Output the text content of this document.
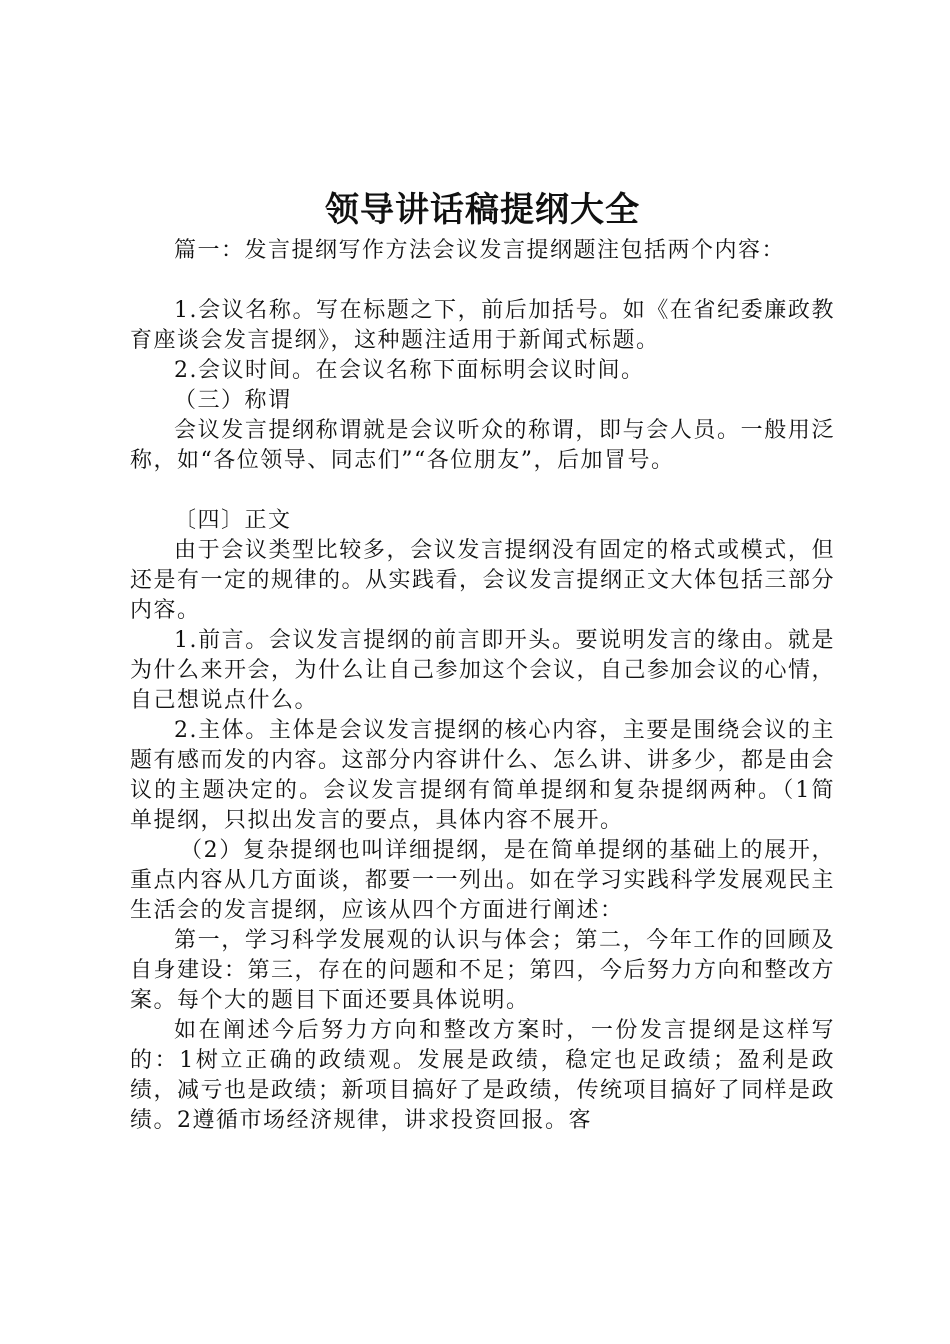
领导讲话稿提纲大全

篇一：发言提纲写作方法会议发言提纲题注包括两个内容：

1.会议名称。写在标题之下，前后加括号。如《在省纪委廉政教育座谈会发言提纲》，这种题注适用于新闻式标题。

2.会议时间。在会议名称下面标明会议时间。

（三）称谓

会议发言提纲称谓就是会议听众的称谓，即与会人员。一般用泛称，如“各位领导、同志们”“各位朋友”，后加冒号。

〔四〕正文

由于会议类型比较多，会议发言提纲没有固定的格式或模式，但还是有一定的规律的。从实践看，会议发言提纲正文大体包括三部分内容。

1.前言。会议发言提纲的前言即开头。要说明发言的缘由。就是为什么来开会，为什么让自己参加这个会议，自己参加会议的心情，自己想说点什么。

2.主体。主体是会议发言提纲的核心内容，主要是围绕会议的主题有感而发的内容。这部分内容讲什么、怎么讲、讲多少，都是由会议的主题决定的。会议发言提纲有简单提纲和复杂提纲两种。（1简单提纲，只拟出发言的要点，具体内容不展开。

（2）复杂提纲也叫详细提纲，是在简单提纲的基础上的展开，重点内容从几方面谈，都要一一列出。如在学习实践科学发展观民主生活会的发言提纲，应该从四个方面进行阐述：

第一，学习科学发展观的认识与体会；第二，今年工作的回顾及自身建设：第三，存在的问题和不足；第四，今后努力方向和整改方案。每个大的题目下面还要具体说明。

如在阐述今后努力方向和整改方案时，一份发言提纲是这样写的：1树立正确的政绩观。发展是政绩，稳定也足政绩；盈利是政绩，减亏也是政绩；新项目搞好了是政绩，传统项目搞好了同样是政绩。2遵循市场经济规律，讲求投资回报。客
